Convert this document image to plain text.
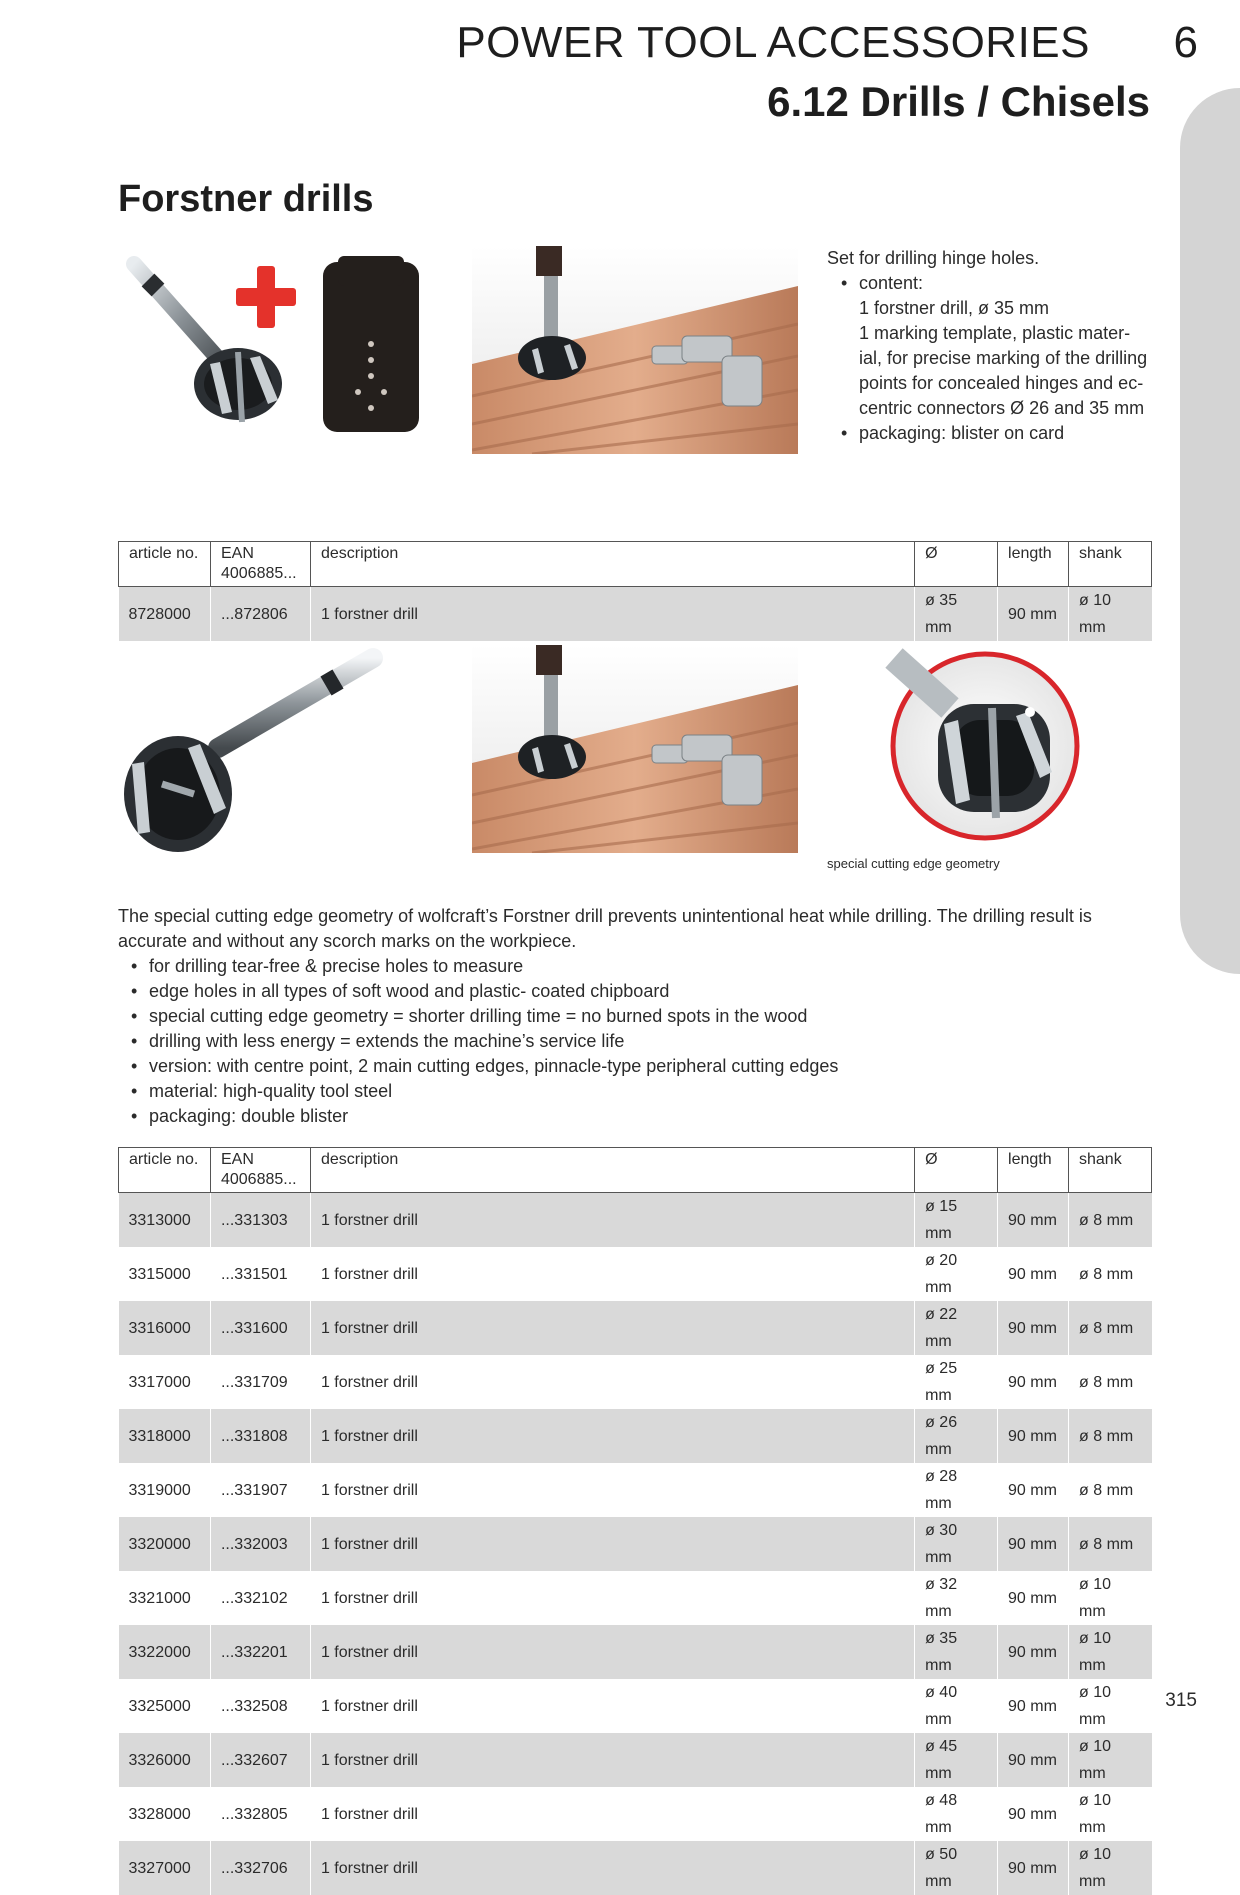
POWER TOOL ACCESSORIES 6
6.12 Drills / Chisels
Forstner drills
Set for drilling hinge holes.
• content:
1 forstner drill, ø 35 mm
1 marking template, plastic mater-
ial, for precise marking of the drilling
points for concealed hinges and ec-
centric connectors Ø 26 and 35 mm
• packaging: blister on card
article no.	EAN
4006885...	description	Ø	length	shank
8728000	...872806	1 forstner drill	ø 35 mm	90 mm	ø 10 mm
special cutting edge geometry

The special cutting edge geometry of wolfcraft’s Forstner drill prevents unintentional heat while drilling. The drilling result is accurate and without any scorch marks on the workpiece.

• for drilling tear-free & precise holes to measure
• edge holes in all types of soft wood and plastic- coated chipboard
• special cutting edge geometry = shorter drilling time = no burned spots in the wood
• drilling with less energy = extends the machine’s service life
• version: with centre point, 2 main cutting edges, pinnacle-type peripheral cutting edges
• material: high-quality tool steel
• packaging: double blister
article no.	EAN
4006885...	description	Ø	length	shank
3313000	...331303	1 forstner drill	ø 15 mm	90 mm	ø 8 mm
3315000	...331501	1 forstner drill	ø 20 mm	90 mm	ø 8 mm
3316000	...331600	1 forstner drill	ø 22 mm	90 mm	ø 8 mm
3317000	...331709	1 forstner drill	ø 25 mm	90 mm	ø 8 mm
3318000	...331808	1 forstner drill	ø 26 mm	90 mm	ø 8 mm
3319000	...331907	1 forstner drill	ø 28 mm	90 mm	ø 8 mm
3320000	...332003	1 forstner drill	ø 30 mm	90 mm	ø 8 mm
3321000	...332102	1 forstner drill	ø 32 mm	90 mm	ø 10 mm
3322000	...332201	1 forstner drill	ø 35 mm	90 mm	ø 10 mm
3325000	...332508	1 forstner drill	ø 40 mm	90 mm	ø 10 mm
3326000	...332607	1 forstner drill	ø 45 mm	90 mm	ø 10 mm
3328000	...332805	1 forstner drill	ø 48 mm	90 mm	ø 10 mm
3327000	...332706	1 forstner drill	ø 50 mm	90 mm	ø 10 mm
315
